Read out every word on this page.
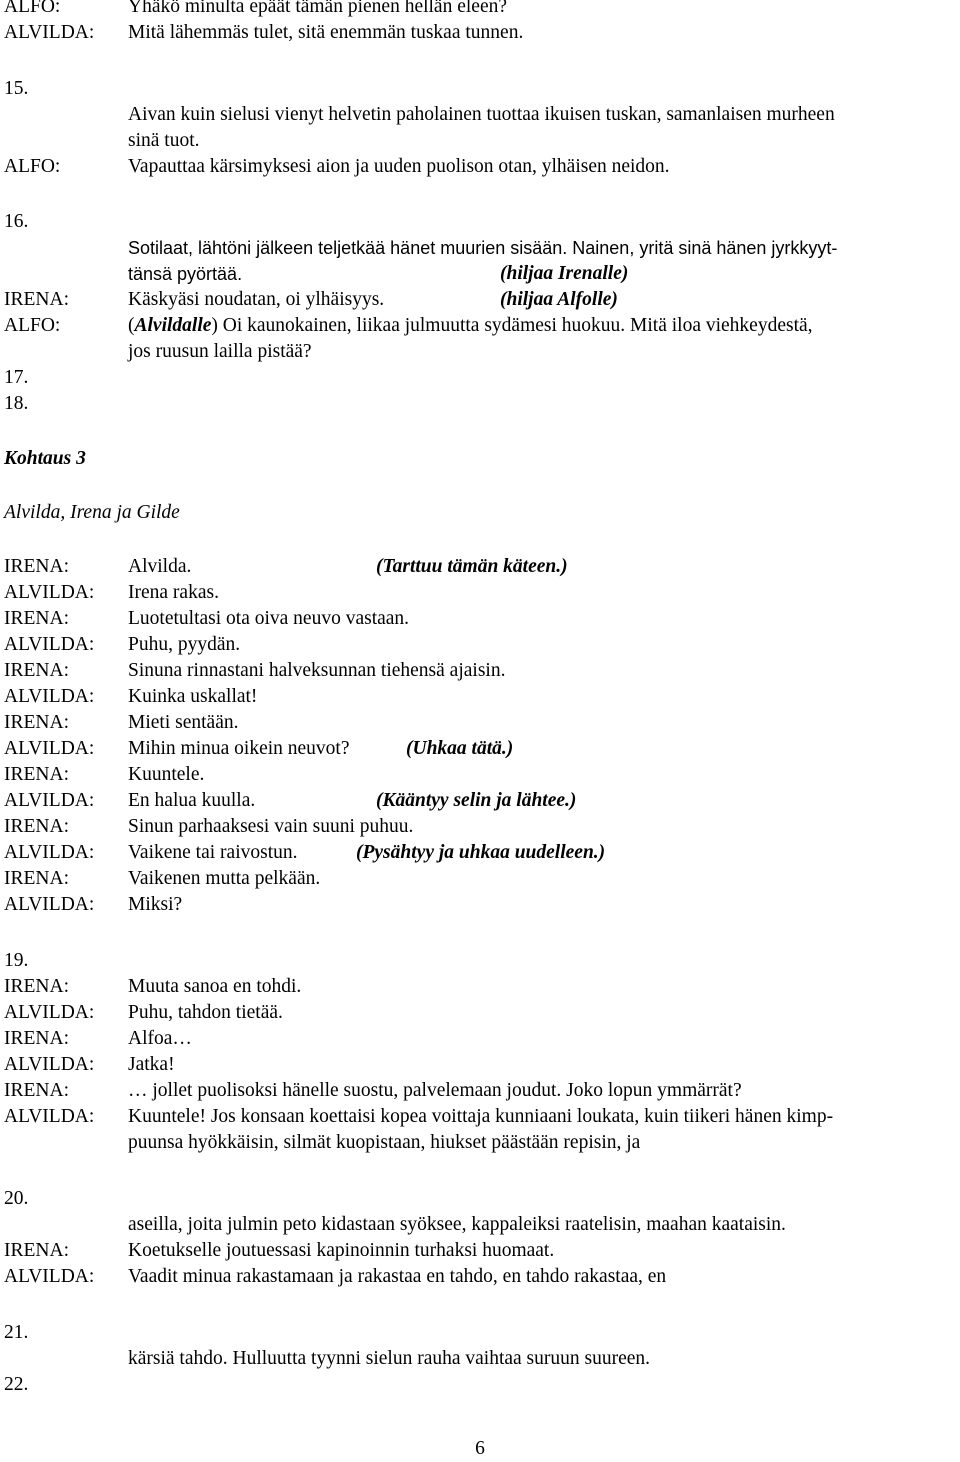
ALFO:	Yhäkö minulta epäät tämän pienen hellän eleen?
ALVILDA: Mitä lähemmäs tulet, sitä enemmän tuskaa tunnen.
15.
Aivan kuin sielusi vienyt helvetin paholainen tuottaa ikuisen tuskan, samanlaisen murheen
sinä tuot.
ALFO:	Vapauttaa kärsimyksesi aion ja uuden puolison otan, ylhäisen neidon.
16.
Sotilaat, lähtöni jälkeen teljetkää hänet muurien sisään. Nainen, yritä sinä hänen jyrkkyyt-
tänsä pyörtää.	(hiljaa Irenalle)
IRENA:	Käskyäsi noudatan, oi ylhäisyys.	(hiljaa Alfolle)
ALFO:	(Alvildalle) Oi kaunokainen, liikaa julmuutta sydämesi huokuu. Mitä iloa viehkeydestä,
jos ruusun lailla pistää?
17.
18.
Kohtaus 3
Alvilda, Irena ja Gilde
IRENA:	Alvilda.	(Tarttuu tämän käteen.)
ALVILDA: Irena rakas.
IRENA:	Luotetultasi ota oiva neuvo vastaan.
ALVILDA: Puhu, pyydän.
IRENA:	Sinuna rinnastani halveksunnan tiehensä ajaisin.
ALVILDA: Kuinka uskallat!
IRENA:	Mieti sentään.
ALVILDA: Mihin minua oikein neuvot?	(Uhkaa tätä.)
IRENA:	Kuuntele.
ALVILDA: En halua kuulla.	(Kääntyy selin ja lähtee.)
IRENA:	Sinun parhaaksesi vain suuni puhuu.
ALVILDA: Vaikene tai raivostun.	(Pysähtyy ja uhkaa uudelleen.)
IRENA:	Vaikenen mutta pelkään.
ALVILDA: Miksi?
19.
IRENA:	Muuta sanoa en tohdi.
ALVILDA: Puhu, tahdon tietää.
IRENA:	Alfoa…
ALVILDA: Jatka!
IRENA:	… jollet puolisoksi hänelle suostu, palvelemaan joudut. Joko lopun ymmärrät?
ALVILDA: Kuuntele! Jos konsaan koettaisi kopea voittaja kunniaani loukata, kuin tiikeri hänen kimp-
puunsa hyökkäisin, silmät kuopistaan, hiukset päästään repisin, ja
20.
aseilla, joita julmin peto kidastaan syöksee, kappaleiksi raatelisin, maahan kaataisin.
IRENA:	Koetukselle joutuessasi kapinoinnin turhaksi huomaat.
ALVILDA: Vaadit minua rakastamaan ja rakastaa en tahdo, en tahdo rakastaa, en
21.
kärsiä tahdo. Hulluutta tyynni sielun rauha vaihtaa suruun suureen.
22.
6
